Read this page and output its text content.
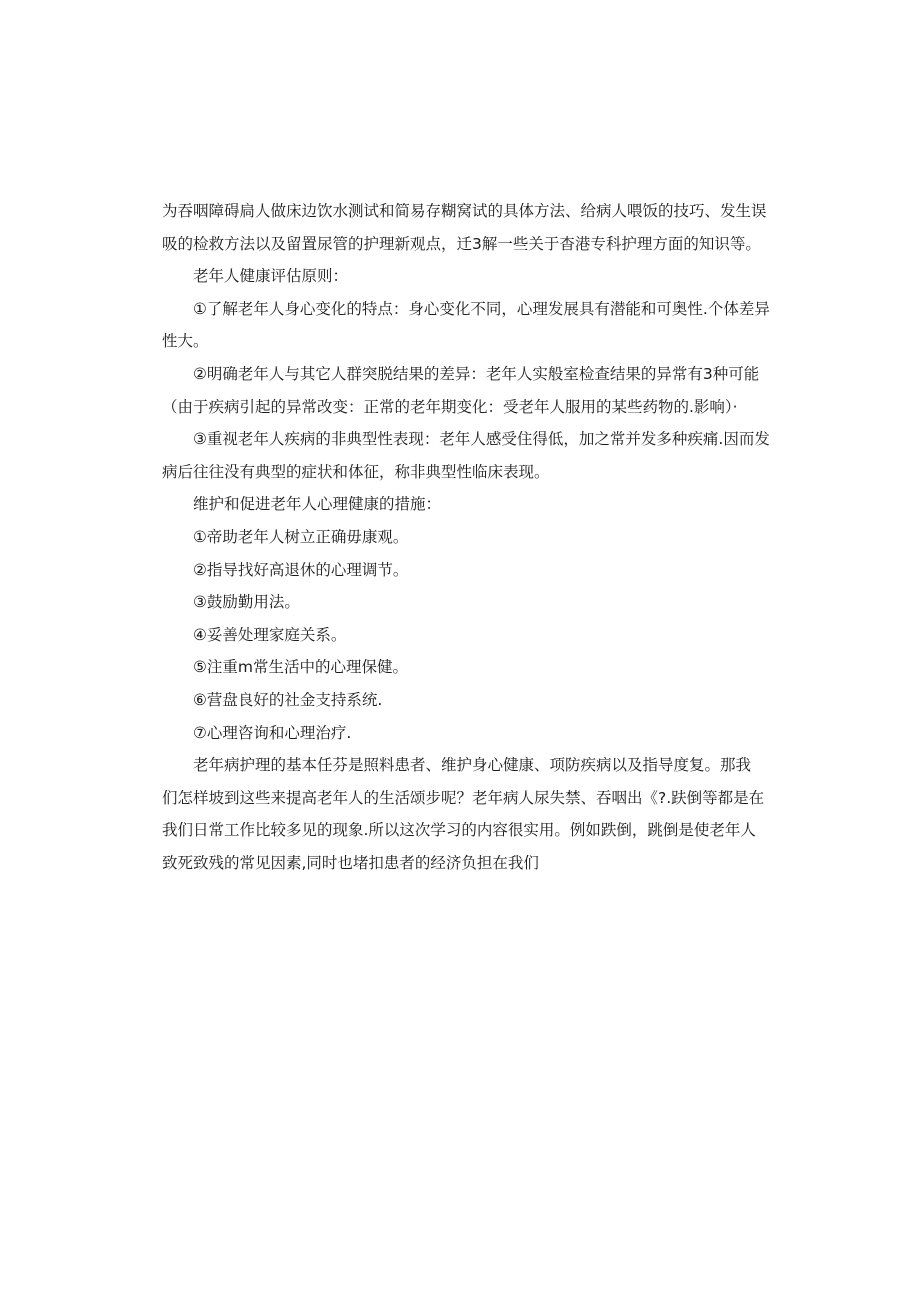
为吞咽障碍扃人做床边饮水测试和简易存糊窝试的具体方法、给病人喂饭的技巧、发生误
吸的检救方法以及留置尿管的护理新观点，迁3解一些关于杳港专科护理方面的知识等。
老年人健康评估原则：
①了解老年人身心变化的特点：身心变化不同，心理发展具有潜能和可奥性.个体差异
性大。
②明确老年人与其它人群突脱结果的差异：老年人实般室检查结果的异常有3种可能
（由于疾病引起的异常改变：正常的老年期变化：受老年人服用的某些药物的.影响）·
③重视老年人疾病的非典型性表现：老年人感受住得低，加之常并发多种疾痛.因而发
病后往往没有典型的症状和体征，称非典型性临床表现。
维护和促进老年人心理健康的措施：
①帝助老年人树立正确毋康观。
②指导找好高退休的心理调节。
③鼓励勤用法。
④妥善处理家庭关系。
⑤注重m常生活中的心理保健。
⑥营盘良好的社金支持系统.
⑦心理咨询和心理治疗.
老年病护理的基本任芬是照料患者、维护身心健康、项防疾病以及指导度复。那我
们怎样坡到这些来提高老年人的生活颂步呢？老年病人尿失禁、吞咽出《?.趺倒等都是在
我们日常工作比较多见的现象.所以这次学习的内容很实用。例如跌倒，跳倒是使老年人
致死致残的常见因素,同时也堵扣患者的经济负担在我们
